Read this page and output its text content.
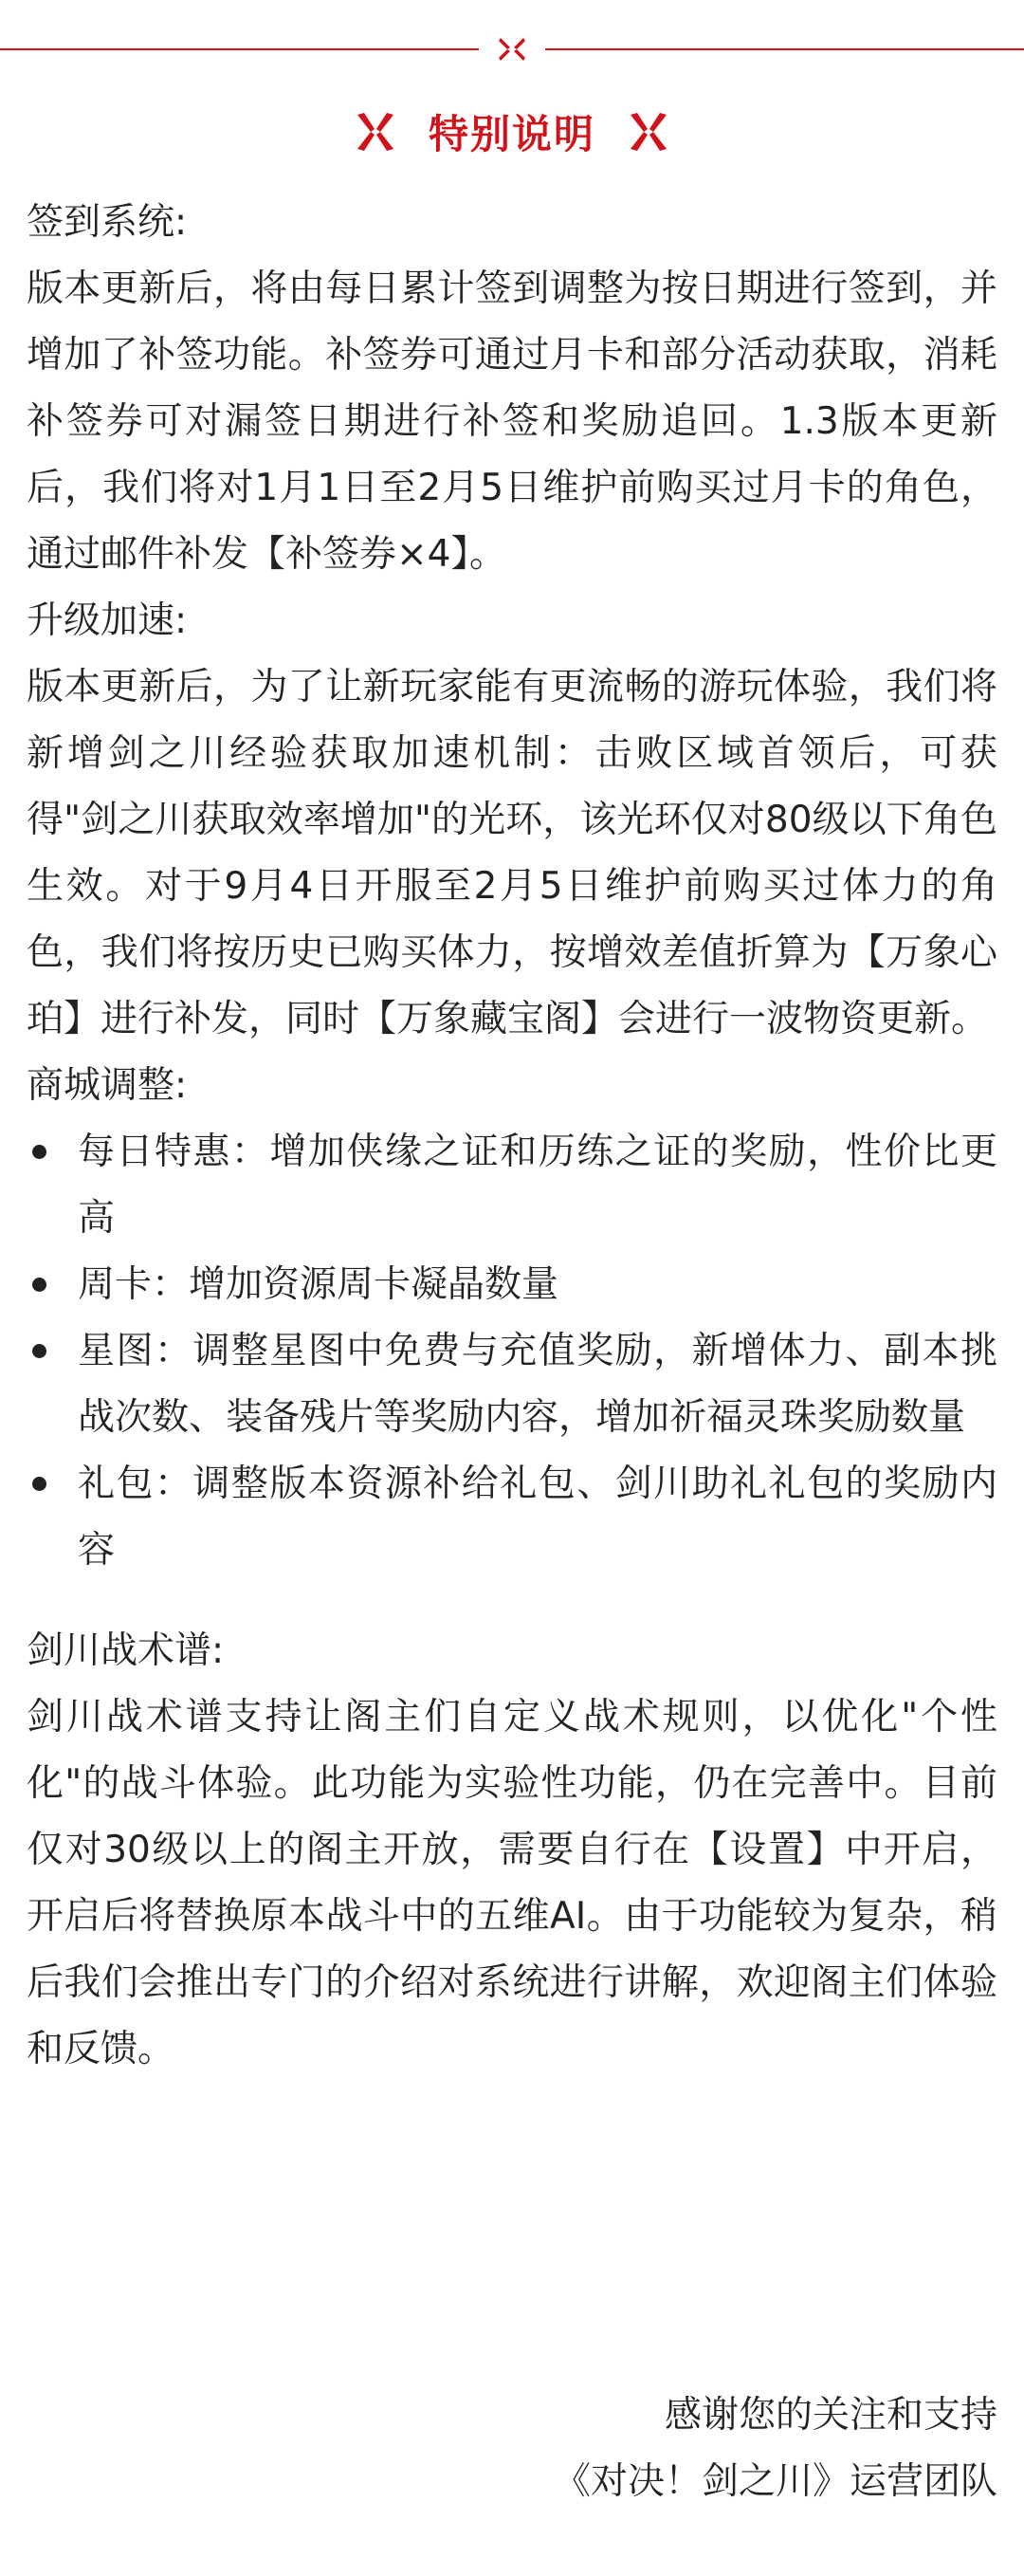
特别说明

签到系统:

版本更新后，将由每日累计签到调整为按日期进行签到，并增加了补签功能。补签券可通过月卡和部分活动获取，消耗补签券可对漏签日期进行补签和奖励追回。1.3版本更新后，我们将对1月1日至2月5日维护前购买过月卡的角色，通过邮件补发【补签券×4】。

升级加速:

版本更新后，为了让新玩家能有更流畅的游玩体验，我们将新增剑之川经验获取加速机制：击败区域首领后，可获得"剑之川获取效率增加"的光环，该光环仅对80级以下角色生效。对于9月4日开服至2月5日维护前购买过体力的角色，我们将按历史已购买体力，按增效差值折算为【万象心珀】进行补发，同时【万象藏宝阁】会进行一波物资更新。

商城调整:

每日特惠：增加侠缘之证和历练之证的奖励，性价比更高
周卡：增加资源周卡凝晶数量
星图：调整星图中免费与充值奖励，新增体力、副本挑战次数、装备残片等奖励内容，增加祈福灵珠奖励数量
礼包：调整版本资源补给礼包、剑川助礼礼包的奖励内容

剑川战术谱:

剑川战术谱支持让阁主们自定义战术规则，以优化"个性化"的战斗体验。此功能为实验性功能，仍在完善中。目前仅对30级以上的阁主开放，需要自行在【设置】中开启，开启后将替换原本战斗中的五维AI。由于功能较为复杂，稍后我们会推出专门的介绍对系统进行讲解，欢迎阁主们体验和反馈。

感谢您的关注和支持
《对决！剑之川》运营团队
